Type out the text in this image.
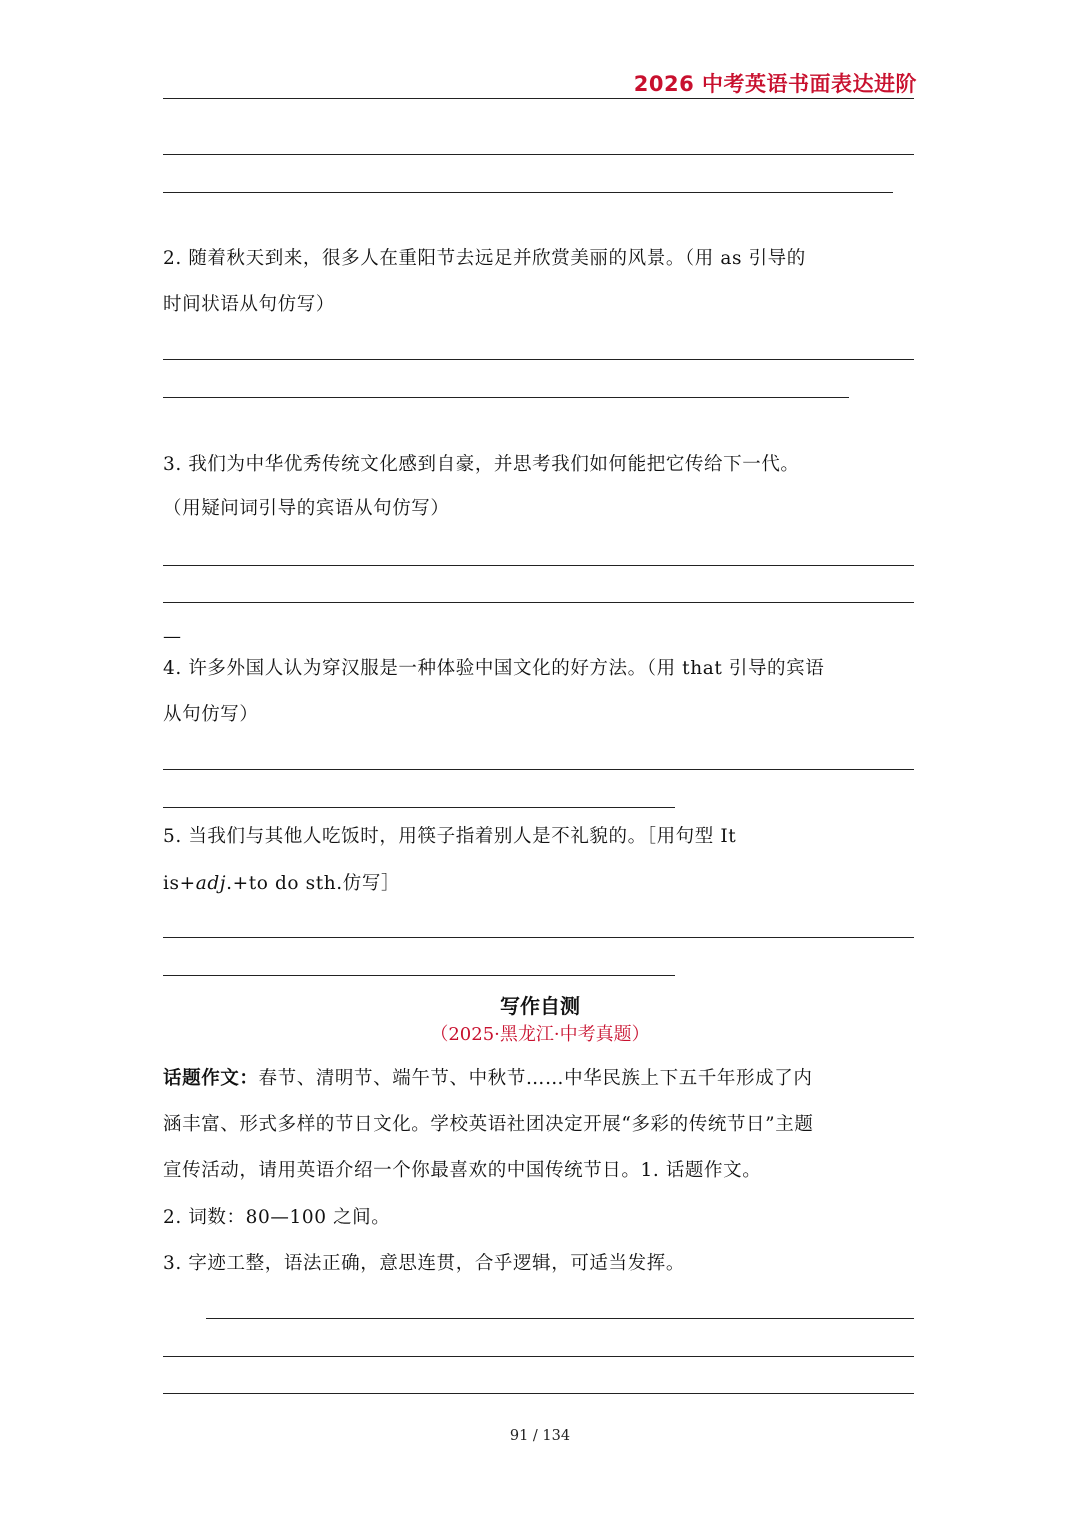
2026 中考英语书面表达进阶
2. 随着秋天到来，很多人在重阳节去远足并欣赏美丽的风景。（用 as 引导的
时间状语从句仿写）
3. 我们为中华优秀传统文化感到自豪，并思考我们如何能把它传给下一代。
（用疑问词引导的宾语从句仿写）
—
4. 许多外国人认为穿汉服是一种体验中国文化的好方法。（用 that 引导的宾语
从句仿写）
5. 当我们与其他人吃饭时，用筷子指着别人是不礼貌的。［用句型 It
is+adj.+to do sth.仿写］
写作自测
（2025·黑龙江·中考真题）
话题作文：春节、清明节、端午节、中秋节……中华民族上下五千年形成了内
涵丰富、形式多样的节日文化。学校英语社团决定开展“多彩的传统节日”主题
宣传活动，请用英语介绍一个你最喜欢的中国传统节日。1. 话题作文。
2. 词数：80—100 之间。
3. 字迹工整，语法正确，意思连贯，合乎逻辑，可适当发挥。
91 / 134
